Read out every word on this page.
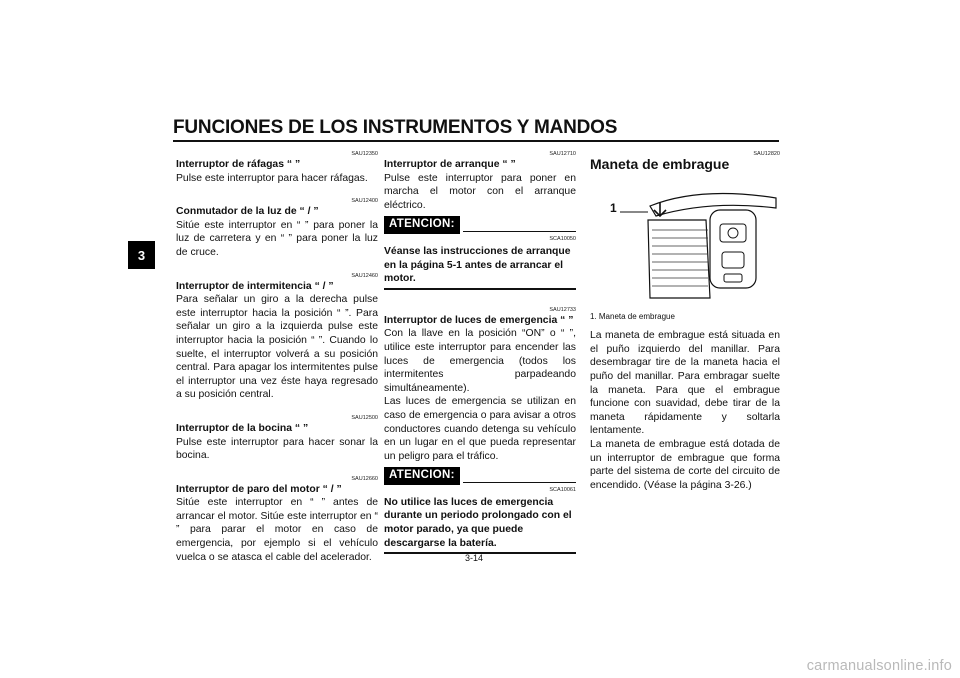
FUNCIONES DE LOS INSTRUMENTOS Y MANDOS
3
SAU12350
Interruptor de ráfagas “ ”

Pulse este interruptor para hacer ráfagas.

SAU12400
Conmutador de la luz de “ / ”

Sitúe este interruptor en “ ” para poner la luz de carretera y en “ ” para poner la luz de cruce.

SAU12460
Interruptor de intermitencia “ / ”

Para señalar un giro a la derecha pulse este interruptor hacia la posición “ ”. Para señalar un giro a la izquierda pulse este interruptor hacia la posición “ ”. Cuando lo suelte, el interruptor volverá a su posición central. Para apagar los intermitentes pulse el interruptor una vez éste haya regresado a su posición central.

SAU12500
Interruptor de la bocina “ ”

Pulse este interruptor para hacer sonar la bocina.

SAU12660
Interruptor de paro del motor “ / ”

Sitúe este interruptor en “ ” antes de arrancar el motor. Sitúe este interruptor en “ ” para parar el motor en caso de emergencia, por ejemplo si el vehículo vuelca o se atasca el cable del acelerador.

SAU12710
Interruptor de arranque “ ”

Pulse este interruptor para poner en marcha el motor con el arranque eléctrico.

ATENCION:
SCA10050
Véanse las instrucciones de arranque en la página 5-1 antes de arrancar el motor.
SAU12733
Interruptor de luces de emergencia “ ”

Con la llave en la posición “ON” o “ ”, utilice este interruptor para encender las luces de emergencia (todos los intermitentes parpadeando simultáneamente).

Las luces de emergencia se utilizan en caso de emergencia o para avisar a otros conductores cuando detenga su vehículo en un lugar en el que pueda representar un peligro para el tráfico.

ATENCION:
SCA10061
No utilice las luces de emergencia durante un periodo prolongado con el motor parado, ya que puede descargarse la batería.
SAU12820
Maneta de embrague
1
1. Maneta de embrague

La maneta de embrague está situada en el puño izquierdo del manillar. Para desembragar tire de la maneta hacia el puño del manillar. Para embragar suelte la maneta. Para que el embrague funcione con suavidad, debe tirar de la maneta rápidamente y soltarla lentamente.

La maneta de embrague está dotada de un interruptor de embrague que forma parte del sistema de corte del circuito de encendido. (Véase la página 3-26.)

3-14
carmanualsonline.info
